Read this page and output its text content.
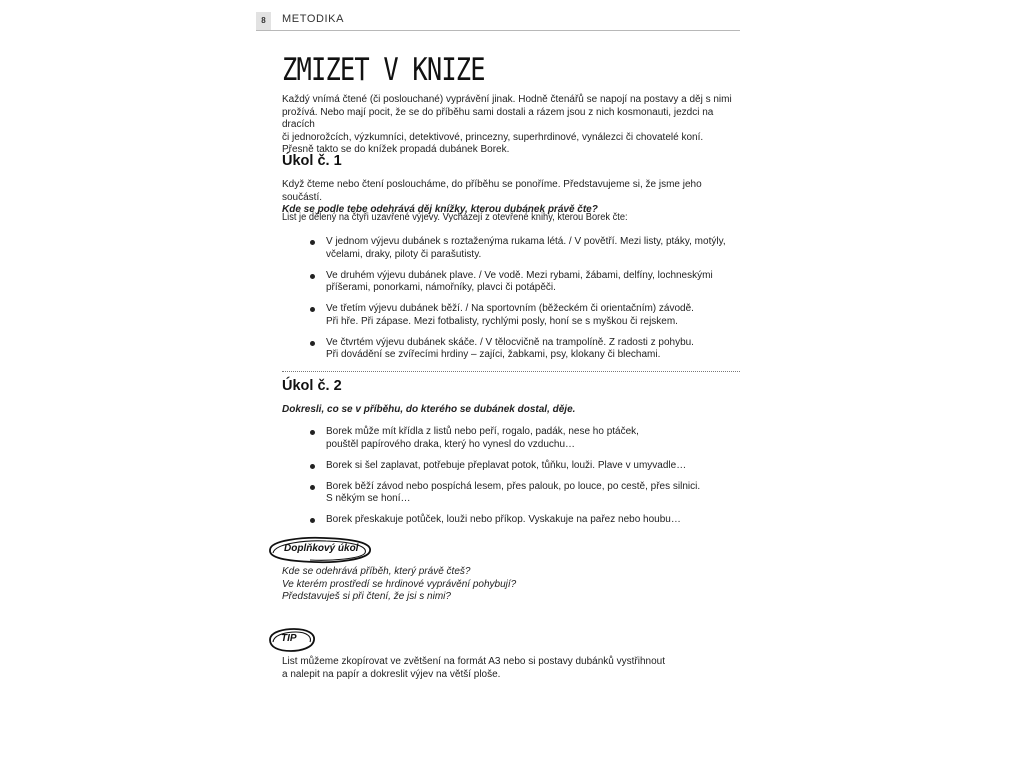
8	METODIKA
ZMIZET V KNIZE
Každý vnímá čtené (či poslouchané) vyprávění jinak. Hodně čtenářů se napojí na postavy a děj s nimi
prožívá. Nebo mají pocit, že se do příběhu sami dostali a rázem jsou z nich kosmonauti, jezdci na dracích
či jednorožcích, výzkumníci, detektivové, princezny, superhrdinové, vynálezci či chovatelé koní.
Přesně takto se do knížek propadá dubánek Borek.
Úkol č. 1
Když čteme nebo čtení posloucháme, do příběhu se ponoříme. Představujeme si, že jsme jeho součástí.
Kde se podle tebe odehrává děj knížky, kterou dubánek právě čte?
List je dělený na čtyři uzavřené výjevy. Vycházejí z otevřené knihy, kterou Borek čte:
V jednom výjevu dubánek s roztaženýma rukama létá. / V povětří. Mezi listy, ptáky, motýly,
včelami, draky, piloty či parašutisty.
Ve druhém výjevu dubánek plave. / Ve vodě. Mezi rybami, žábami, delfíny, lochneskými
příšerami, ponorkami, námořníky, plavci či potápěči.
Ve třetím výjevu dubánek běží. / Na sportovním (běžeckém či orientačním) závodě.
Při hře. Při zápase. Mezi fotbalisty, rychlými posly, honí se s myškou či rejskem.
Ve čtvrtém výjevu dubánek skáče. / V tělocvičně na trampolíně. Z radosti z pohybu.
Při dovádění se zvířecími hrdiny – zajíci, žabkami, psy, klokany či blechami.
Úkol č. 2
Dokresli, co se v příběhu, do kterého se dubánek dostal, děje.
Borek může mít křídla z listů nebo peří, rogalo, padák, nese ho ptáček,
pouštěl papírového draka, který ho vynesl do vzduchu…
Borek si šel zaplavat, potřebuje přeplavat potok, tůňku, louži. Plave v umyvadle…
Borek běží závod nebo pospíchá lesem, přes palouk, po louce, po cestě, přes silnici.
S někým se honí…
Borek přeskakuje potůček, louži nebo příkop. Vyskakuje na pařez nebo houbu…
Doplňkový úkol
Kde se odehrává příběh, který právě čteš?
Ve kterém prostředí se hrdinové vyprávění pohybují?
Představuješ si při čtení, že jsi s nimi?
TIP
List můžeme zkopírovat ve zvětšení na formát A3 nebo si postavy dubánků vystřihnout
a nalepit na papír a dokreslit výjev na větší ploše.
